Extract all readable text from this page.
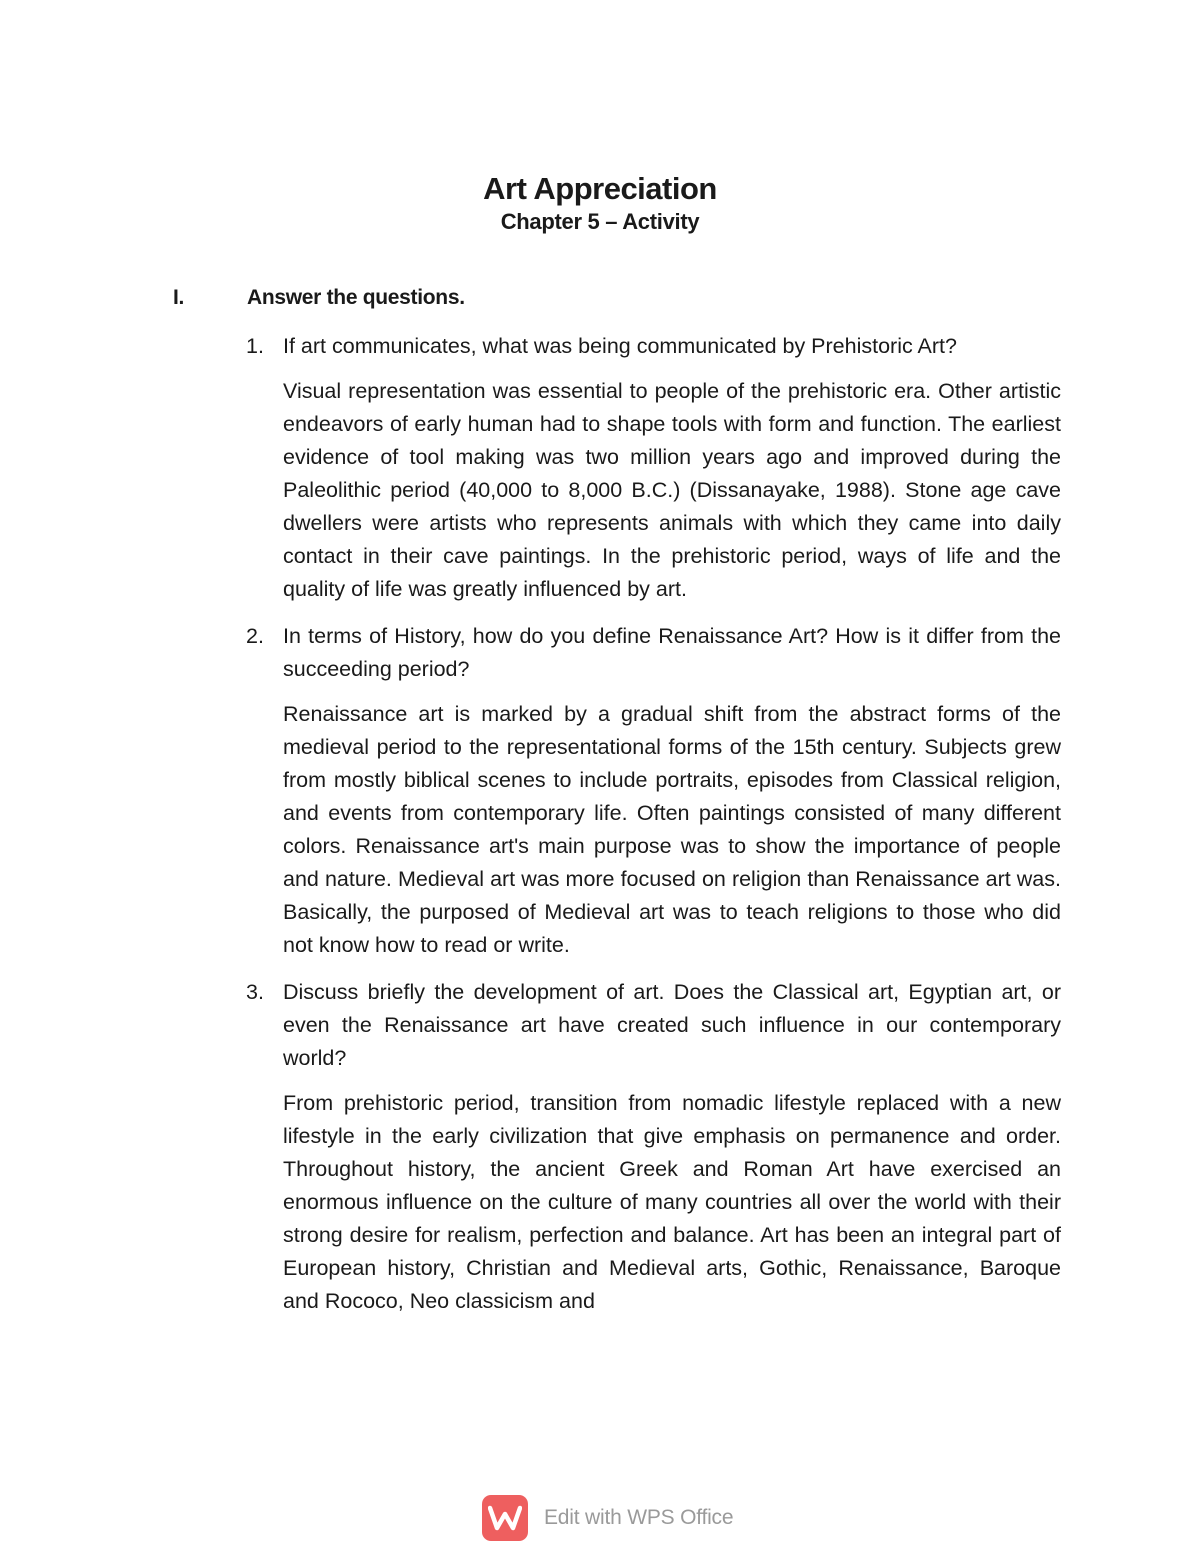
Art Appreciation
Chapter 5 – Activity
I.	Answer the questions.
1. If art communicates, what was being communicated by Prehistoric Art?
Visual representation was essential to people of the prehistoric era. Other artistic endeavors of early human had to shape tools with form and function. The earliest evidence of tool making was two million years ago and improved during the Paleolithic period (40,000 to 8,000 B.C.) (Dissanayake, 1988). Stone age cave dwellers were artists who represents animals with which they came into daily contact in their cave paintings. In the prehistoric period, ways of life and the quality of life was greatly influenced by art.
2. In terms of History, how do you define Renaissance Art? How is it differ from the succeeding period?
Renaissance art is marked by a gradual shift from the abstract forms of the medieval period to the representational forms of the 15th century. Subjects grew from mostly biblical scenes to include portraits, episodes from Classical religion, and events from contemporary life. Often paintings consisted of many different colors. Renaissance art's main purpose was to show the importance of people and nature. Medieval art was more focused on religion than Renaissance art was. Basically, the purposed of Medieval art was to teach religions to those who did not know how to read or write.
3. Discuss briefly the development of art. Does the Classical art, Egyptian art, or even the Renaissance art have created such influence in our contemporary world?
From prehistoric period, transition from nomadic lifestyle replaced with a new lifestyle in the early civilization that give emphasis on permanence and order. Throughout history, the ancient Greek and Roman Art have exercised an enormous influence on the culture of many countries all over the world with their strong desire for realism, perfection and balance. Art has been an integral part of European history, Christian and Medieval arts, Gothic, Renaissance, Baroque and Rococo, Neo classicism and
Edit with WPS Office
